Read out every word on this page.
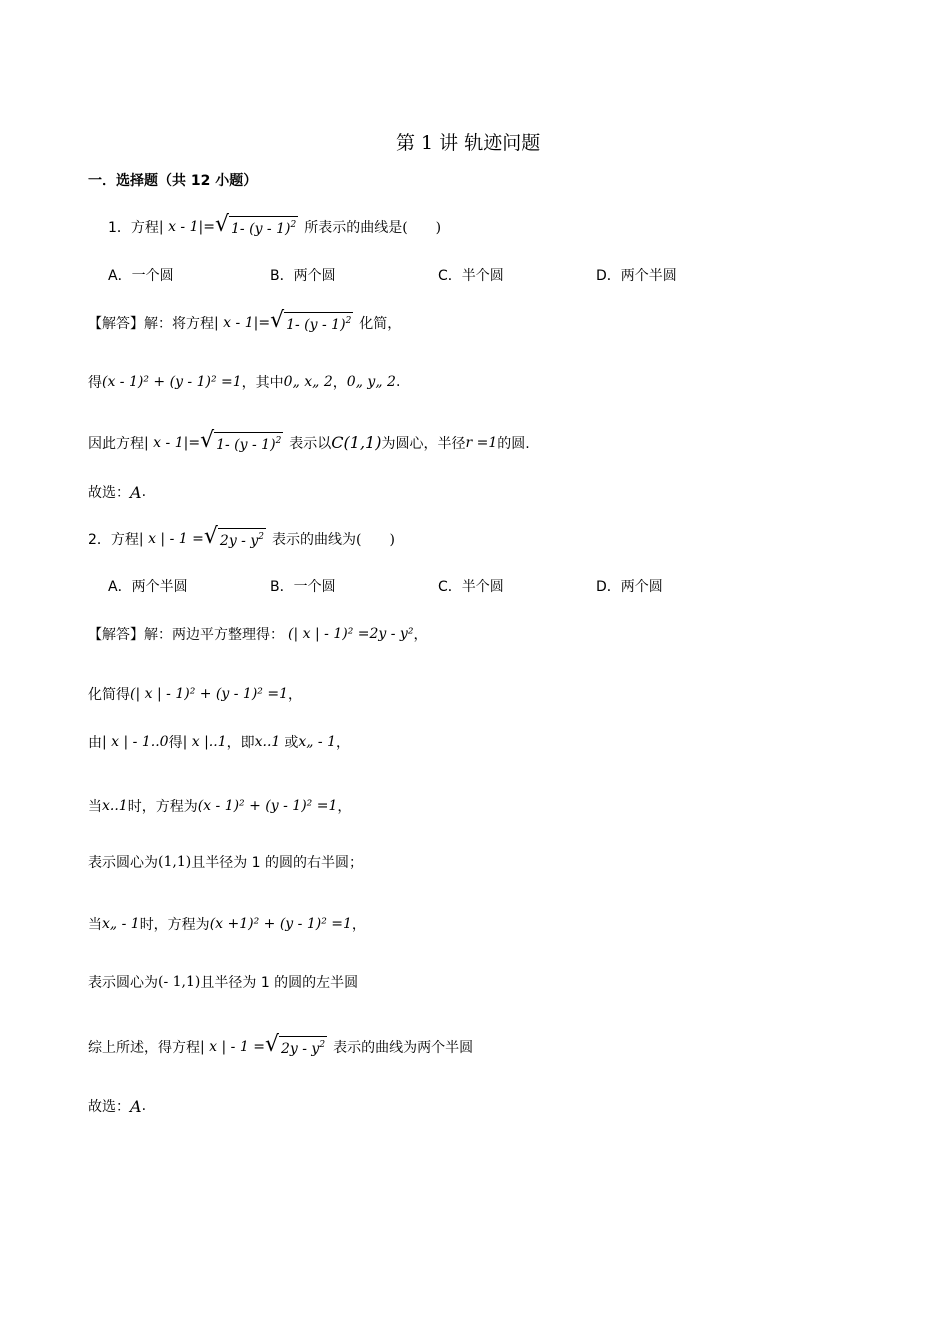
第 1 讲 轨迹问题
一．选择题（共 12 小题）
1．方程 | x - 1|= √ 1- (y - 1)$^2$ 所表示的曲线是 (　　)
A．一个圆	B．两个圆	C．半个圆	D．两个半圆
【解答】 解：将方程 | x - 1|= √ 1- (y - 1)$^2$ 化简，
得 (x - 1)² + (y - 1)² =1 ，其中 0„ x„ 2 ， 0„ y„ 2 .
因此方程 | x - 1|= √ 1- (y - 1)$^2$ 表示以 C(1,1) 为圆心，半径 r =1 的圆.
故选： A .
2．方程 | x | - 1 = √ $2y - y^2$ 表示的曲线为 (　　)
A．两个半圆	B．一个圆	C．半个圆	D．两个圆
【解答】 解：两边平方整理得： (| x | - 1)² =2y - y² ，
化简得 (| x | - 1)² + (y - 1)² =1 ，
由 | x | - 1..0 得 | x |..1 ，即 x..1 或 x„ - 1 ，
当 x..1 时，方程为 (x - 1)² + (y - 1)² =1 ，
表示圆心为 (1,1) 且半径为 1 的圆的右半圆；
当 x„ - 1 时，方程为 (x +1)² + (y - 1)² =1 ，
表示圆心为 (- 1,1) 且半径为 1 的圆的左半圆
综上所述，得方程 | x | - 1 = √ $2y - y^2$ 表示的曲线为两个半圆
故选： A .
